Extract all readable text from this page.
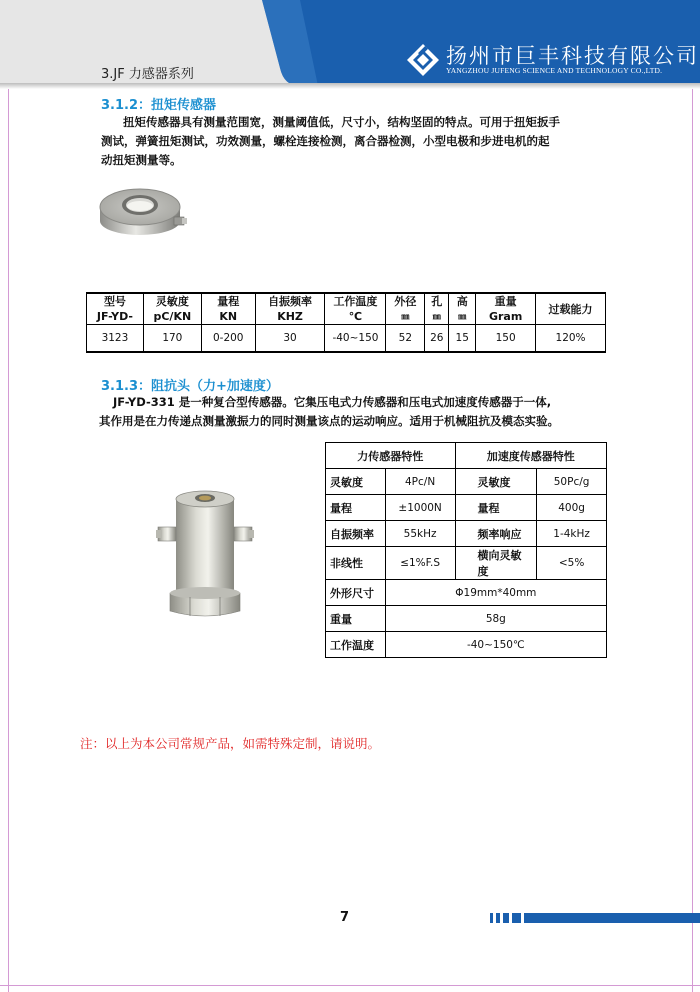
3.JF 力感器系列
扬州市巨丰科技有限公司
YANGZHOU JUFENG SCIENCE AND TECHNOLOGY CO.,LTD.
3.1.2：扭矩传感器
扭矩传感器具有测量范围宽，测量阈值低，尺寸小，结构坚固的特点。可用于扭矩扳手
测试，弹簧扭矩测试，功效测量，螺栓连接检测，离合器检测，小型电极和步进电机的起
动扭矩测量等。
型号	灵敏度	量程	自振频率	工作温度	外径	孔	高	重量	过载能力
JF-YD-	pC/KN	KN	KHZ	℃	㎜	㎜	㎜	Gram	
3123	170	0-200	30	-40~150	52	26	15	150	120%
3.1.3：阻抗头（力+加速度）
JF-YD-331 是一种复合型传感器。它集压电式力传感器和压电式加速度传感器于一体,
其作用是在力传递点测量激振力的同时测量该点的运动响应。适用于机械阻抗及模态实验。
力传感器特性		加速度传感器特性	
灵敏度	4Pc/N	灵敏度	50Pc/g
量程	±1000N	量程	400g
自振频率	55kHz	频率响应	1-4kHz
非线性	≤1%F.S	横向灵敏度	<5%
外形尺寸	Φ19mm*40mm		
重量	58g		
工作温度	-40~150℃		
注：以上为本公司常规产品，如需特殊定制，请说明。
7
